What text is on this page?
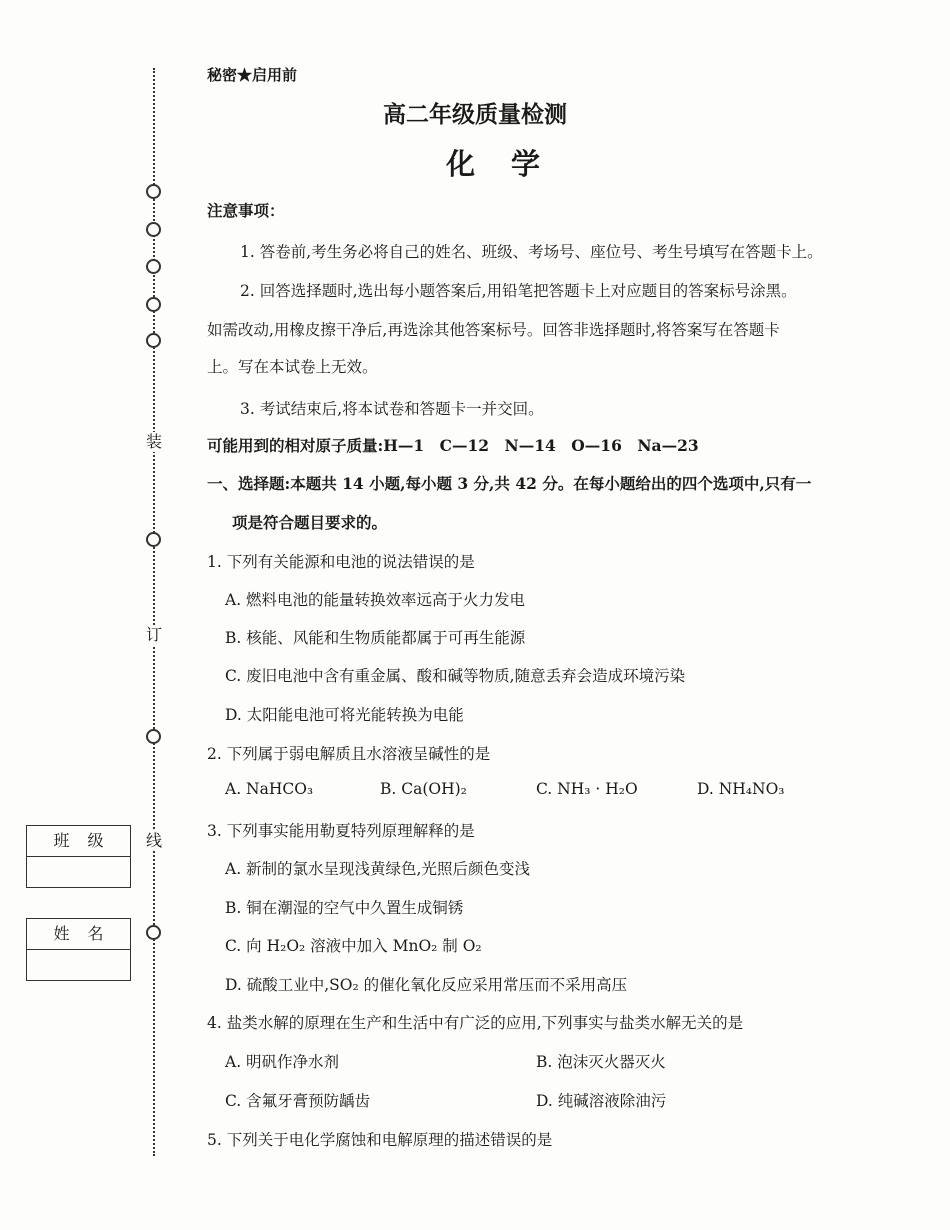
装
订
线
班级
姓名
秘密★启用前
高二年级质量检测
化学
注意事项：
1. 答卷前,考生务必将自己的姓名、班级、考场号、座位号、考生号填写在答题卡上。
2. 回答选择题时,选出每小题答案后,用铅笔把答题卡上对应题目的答案标号涂黑。
如需改动,用橡皮擦干净后,再选涂其他答案标号。回答非选择题时,将答案写在答题卡
上。写在本试卷上无效。
3. 考试结束后,将本试卷和答题卡一并交回。
可能用到的相对原子质量:H—1　C—12　N—14　O—16　Na—23
一、选择题:本题共 14 小题,每小题 3 分,共 42 分。在每小题给出的四个选项中,只有一
项是符合题目要求的。
1. 下列有关能源和电池的说法错误的是
A. 燃料电池的能量转换效率远高于火力发电
B. 核能、风能和生物质能都属于可再生能源
C. 废旧电池中含有重金属、酸和碱等物质,随意丢弃会造成环境污染
D. 太阳能电池可将光能转换为电能
2. 下列属于弱电解质且水溶液呈碱性的是
A. NaHCO₃	B. Ca(OH)₂	C. NH₃ · H₂O	D. NH₄NO₃
3. 下列事实能用勒夏特列原理解释的是
A. 新制的氯水呈现浅黄绿色,光照后颜色变浅
B. 铜在潮湿的空气中久置生成铜锈
C. 向 H₂O₂ 溶液中加入 MnO₂ 制 O₂
D. 硫酸工业中,SO₂ 的催化氧化反应采用常压而不采用高压
4. 盐类水解的原理在生产和生活中有广泛的应用,下列事实与盐类水解无关的是
A. 明矾作净水剂	B. 泡沫灭火器灭火
C. 含氟牙膏预防龋齿	D. 纯碱溶液除油污
5. 下列关于电化学腐蚀和电解原理的描述错误的是
